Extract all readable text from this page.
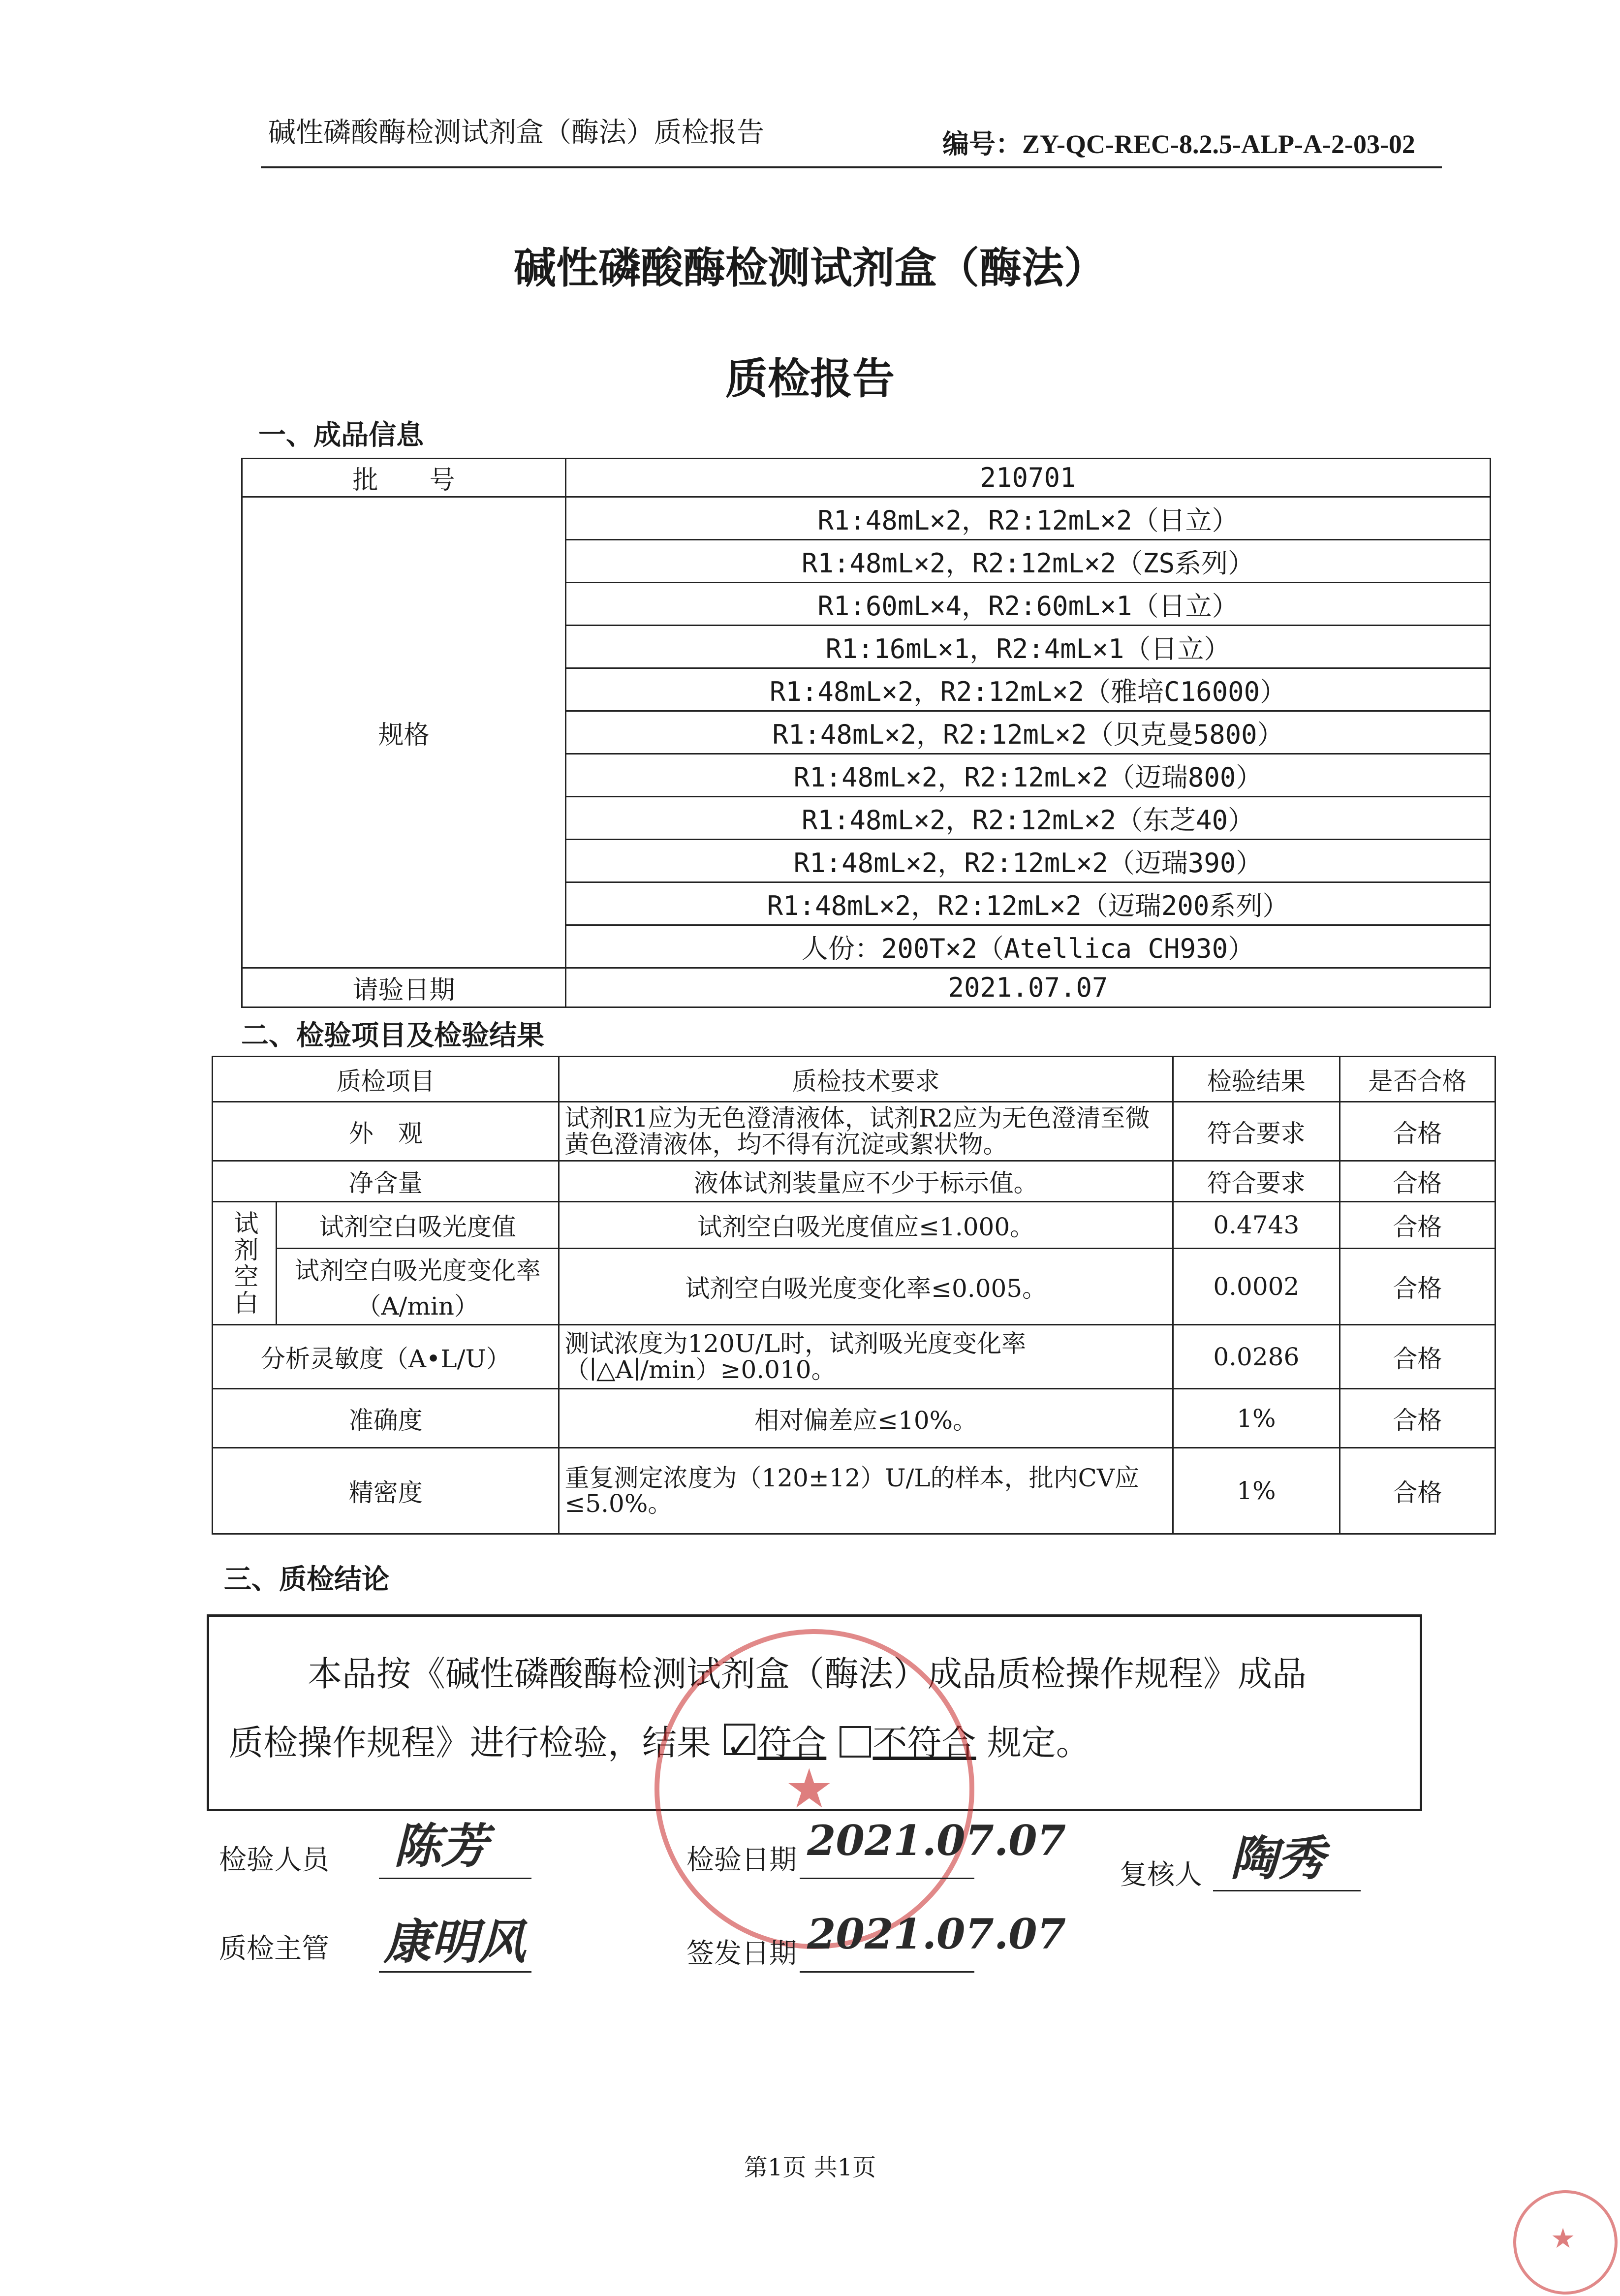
碱性磷酸酶检测试剂盒（酶法）质检报告	编号：ZY-QC-REC-8.2.5-ALP-A-2-03-02
碱性磷酸酶检测试剂盒（酶法）
质检报告
一、成品信息
批　　号	210701
规格	R1:48mL×2，R2:12mL×2（日立）
	R1:48mL×2，R2:12mL×2（ZS系列）
	R1:60mL×4，R2:60mL×1（日立）
	R1:16mL×1，R2:4mL×1（日立）
	R1:48mL×2，R2:12mL×2（雅培C16000）
	R1:48mL×2，R2:12mL×2（贝克曼5800）
	R1:48mL×2，R2:12mL×2（迈瑞800）
	R1:48mL×2，R2:12mL×2（东芝40）
	R1:48mL×2，R2:12mL×2（迈瑞390）
	R1:48mL×2，R2:12mL×2（迈瑞200系列）
	人份：200T×2（Atellica CH930）
请验日期	2021.07.07
二、检验项目及检验结果
质检项目		质检技术要求	检验结果	是否合格
外　观		试剂R1应为无色澄清液体，试剂R2应为无色澄清至微黄色澄清液体，均不得有沉淀或絮状物。	符合要求	合格
净含量		液体试剂装量应不少于标示值。	符合要求	合格
试剂空白	试剂空白吸光度值	试剂空白吸光度值应≤1.000。	0.4743	合格
	试剂空白吸光度变化率（A/min）	试剂空白吸光度变化率≤0.005。	0.0002	合格
分析灵敏度（A•L/U）		测试浓度为120U/L时，试剂吸光度变化率（∣△A∣/min）≥0.010。	0.0286	合格
准确度		相对偏差应≤10%。	1%	合格
精密度		重复测定浓度为（120±12）U/L的样本，批内CV应≤5.0%。	1%	合格
三、质检结论
本品按《碱性磷酸酶检测试剂盒（酶法）成品质检操作规程》成品
质检操作规程》进行检验，结果 ✓符合 不符合 规定。
★
检验人员 陈芳	检验日期 2021.07.07
复核人 陶秀
质检主管 康明风	签发日期 2021.07.07
第1页 共1页
★
